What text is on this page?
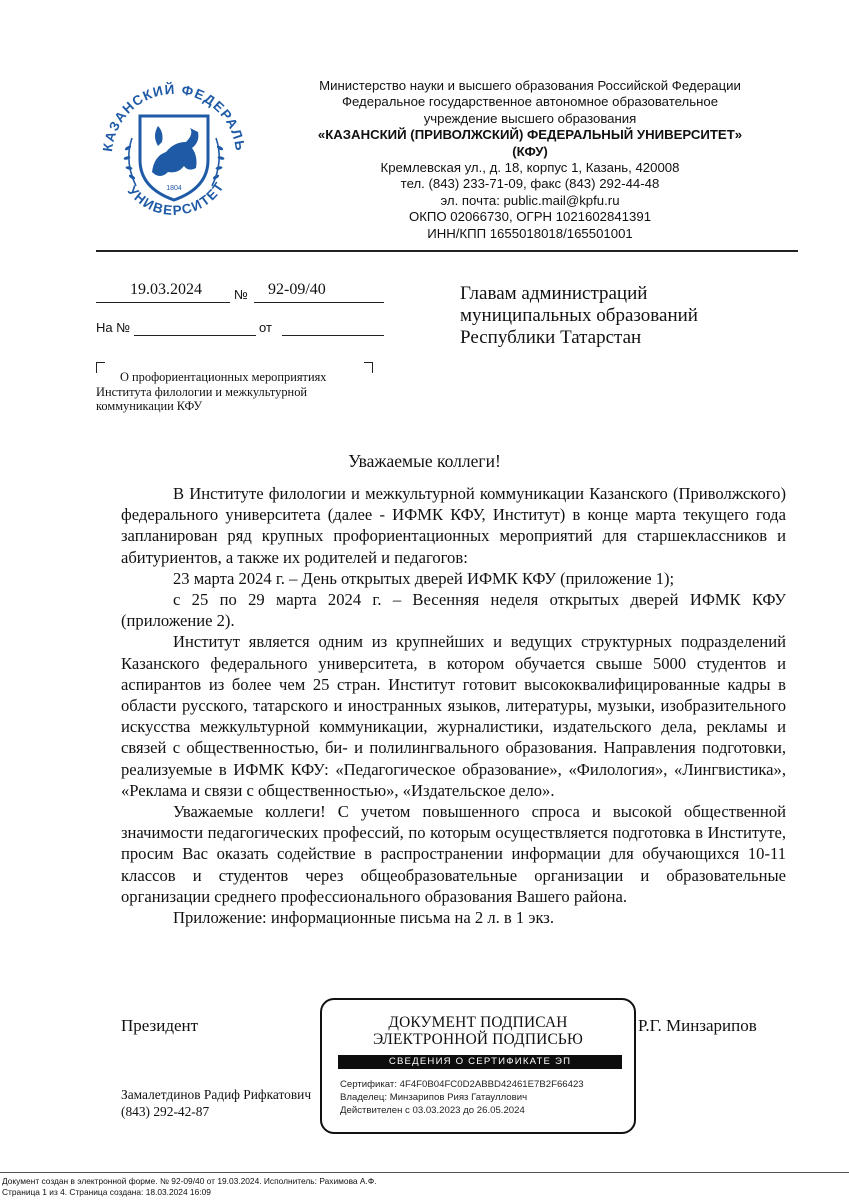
КАЗАНСКИЙ ФЕДЕРАЛЬ
УНИВЕРСИТЕТ
1804
Министерство науки и высшего образования Российской Федерации
Федеральное государственное автономное образовательное
учреждение высшего образования
«КАЗАНСКИЙ (ПРИВОЛЖСКИЙ) ФЕДЕРАЛЬНЫЙ УНИВЕРСИТЕТ»
(КФУ)
Кремлевская ул., д. 18, корпус 1, Казань, 420008
тел. (843) 233-71-09, факс (843) 292-44-48
эл. почта: public.mail@kpfu.ru
ОКПО 02066730, ОГРН 1021602841391
ИНН/КПП 1655018018/165501001
19.03.2024 № 92-09/40
На №	от
Главам администраций
муниципальных образований
Республики Татарстан
О профориентационных мероприятиях
Института филологии и межкультурной
коммуникации КФУ
Уважаемые коллеги!

В Институте филологии и межкультурной коммуникации Казанского (Приволжского) федерального университета (далее - ИФМК КФУ, Институт) в конце марта текущего года запланирован ряд крупных профориентационных мероприятий для старшеклассников и абитуриентов, а также их родителей и педагогов:

23 марта 2024 г. – День открытых дверей ИФМК КФУ (приложение 1);

с 25 по 29 марта 2024 г. – Весенняя неделя открытых дверей ИФМК КФУ (приложение 2).

Институт является одним из крупнейших и ведущих структурных подразделений Казанского федерального университета, в котором обучается свыше 5000 студентов и аспирантов из более чем 25 стран. Институт готовит высококвалифицированные кадры в области русского, татарского и иностранных языков, литературы, музыки, изобразительного искусства межкультурной коммуникации, журналистики, издательского дела, рекламы и связей с общественностью, би- и полилингвального образования. Направления подготовки, реализуемые в ИФМК КФУ: «Педагогическое образование», «Филология», «Лингвистика», «Реклама и связи с общественностью», «Издательское дело».

Уважаемые коллеги! С учетом повышенного спроса и высокой общественной значимости педагогических профессий, по которым осуществляется подготовка в Институте, просим Вас оказать содействие в распространении информации для обучающихся 10-11 классов и студентов через общеобразовательные организации и образовательные организации среднего профессионального образования Вашего района.

Приложение: информационные письма на 2 л. в 1 экз.

Президент	ДОКУМЕНТ ПОДПИСАН
ЭЛЕКТРОННОЙ ПОДПИСЬЮ
СВЕДЕНИЯ О СЕРТИФИКАТЕ ЭП
Сертификат: 4F4F0B04FC0D2ABBD42461E7B2F66423
Владелец: Минзарипов Рияз Гатауллович
Действителен с 03.03.2023 до 26.05.2024
Р.Г. Минзарипов
Замалетдинов Радиф Рифкатович
(843) 292-42-87
Документ создан в электронной форме. № 92-09/40 от 19.03.2024. Исполнитель: Рахимова А.Ф.
Страница 1 из 4. Страница создана: 18.03.2024 16:09
